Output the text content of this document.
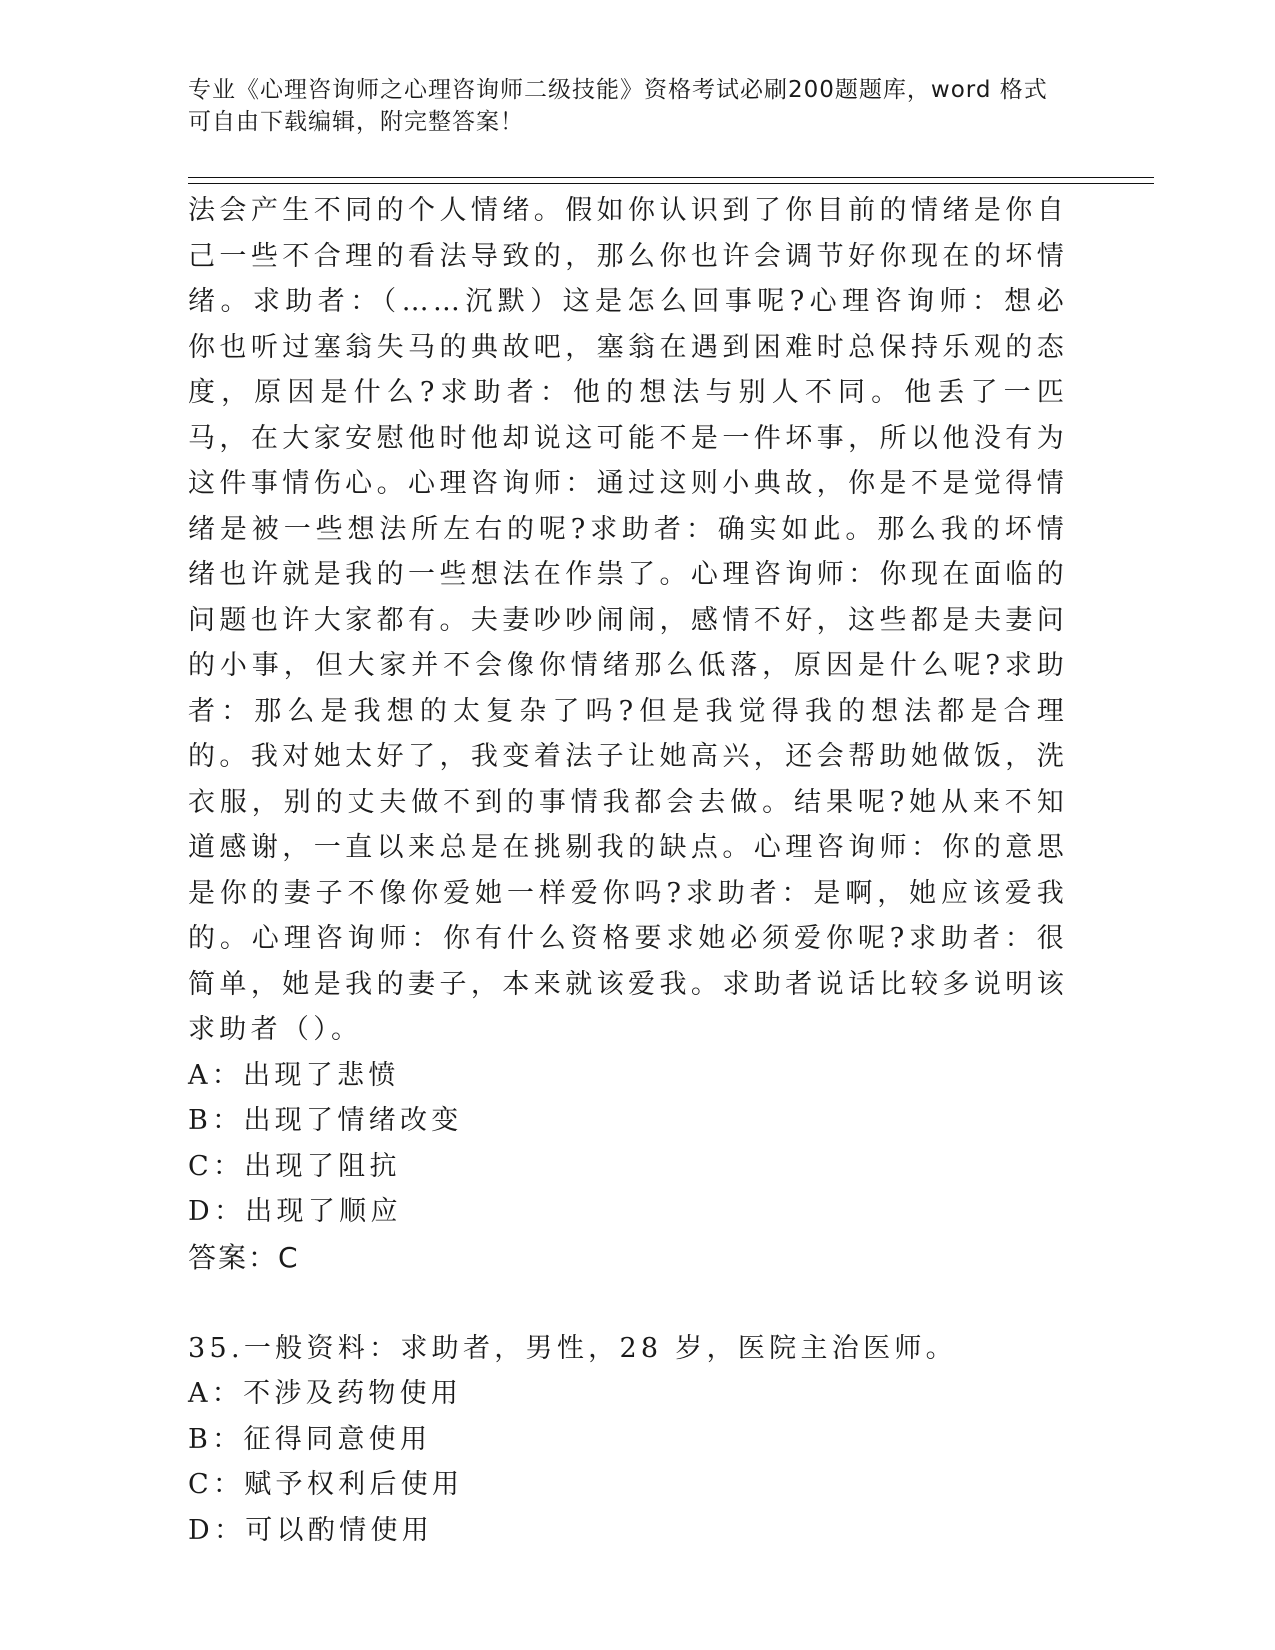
专业《心理咨询师之心理咨询师二级技能》资格考试必刷200题题库，word 格式
可自由下载编辑，附完整答案！

法会产生不同的个人情绪。假如你认识到了你目前的情绪是你自己一些不合理的看法导致的，那么你也许会调节好你现在的坏情绪。求助者：（……沉默）这是怎么回事呢?心理咨询师：想必你也听过塞翁失马的典故吧，塞翁在遇到困难时总保持乐观的态度，原因是什么?求助者：他的想法与别人不同。他丢了一匹马，在大家安慰他时他却说这可能不是一件坏事，所以他没有为这件事情伤心。心理咨询师：通过这则小典故，你是不是觉得情绪是被一些想法所左右的呢?求助者：确实如此。那么我的坏情绪也许就是我的一些想法在作祟了。心理咨询师：你现在面临的问题也许大家都有。夫妻吵吵闹闹，感情不好，这些都是夫妻问的小事，但大家并不会像你情绪那么低落，原因是什么呢?求助者：那么是我想的太复杂了吗?但是我觉得我的想法都是合理的。我对她太好了，我变着法子让她高兴，还会帮助她做饭，洗衣服，别的丈夫做不到的事情我都会去做。结果呢?她从来不知道感谢，一直以来总是在挑剔我的缺点。心理咨询师：你的意思是你的妻子不像你爱她一样爱你吗?求助者：是啊，她应该爱我的。心理咨询师：你有什么资格要求她必须爱你呢?求助者：很简单，她是我的妻子，本来就该爱我。求助者说话比较多说明该求助者（）。

A：出现了悲愤

B：出现了情绪改变

C：出现了阻抗

D：出现了顺应

答案：C

35.一般资料：求助者，男性，28 岁，医院主治医师。

A：不涉及药物使用

B：征得同意使用

C：赋予权利后使用

D：可以酌情使用
